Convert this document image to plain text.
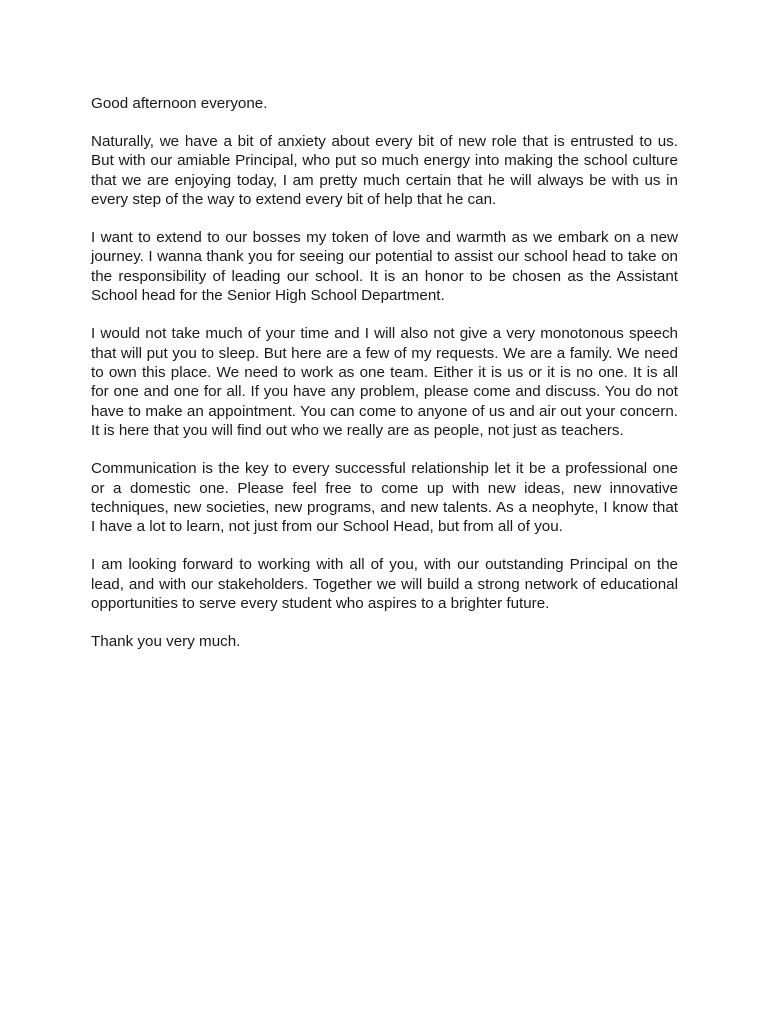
Good afternoon everyone.

Naturally, we have a bit of anxiety about every bit of new role that is entrusted to us. But with our amiable Principal, who put so much energy into making the school culture that we are enjoying today, I am pretty much certain that he will always be with us in every step of the way to extend every bit of help that he can.

I want to extend to our bosses my token of love and warmth as we embark on a new journey. I wanna thank you for seeing our potential to assist our school head to take on the responsibility of leading our school. It is an honor to be chosen as the Assistant School head for the Senior High School Department.

I would not take much of your time and I will also not give a very monotonous speech that will put you to sleep. But here are a few of my requests. We are a family. We need to own this place. We need to work as one team. Either it is us or it is no one. It is all for one and one for all. If you have any problem, please come and discuss. You do not have to make an appointment. You can come to anyone of us and air out your concern. It is here that you will find out who we really are as people, not just as teachers.

Communication is the key to every successful relationship let it be a professional one or a domestic one. Please feel free to come up with new ideas, new innovative techniques, new societies, new programs, and new talents. As a neophyte, I know that I have a lot to learn, not just from our School Head, but from all of you.

I am looking forward to working with all of you, with our outstanding Principal on the lead, and with our stakeholders. Together we will build a strong network of educational opportunities to serve every student who aspires to a brighter future.

Thank you very much.
